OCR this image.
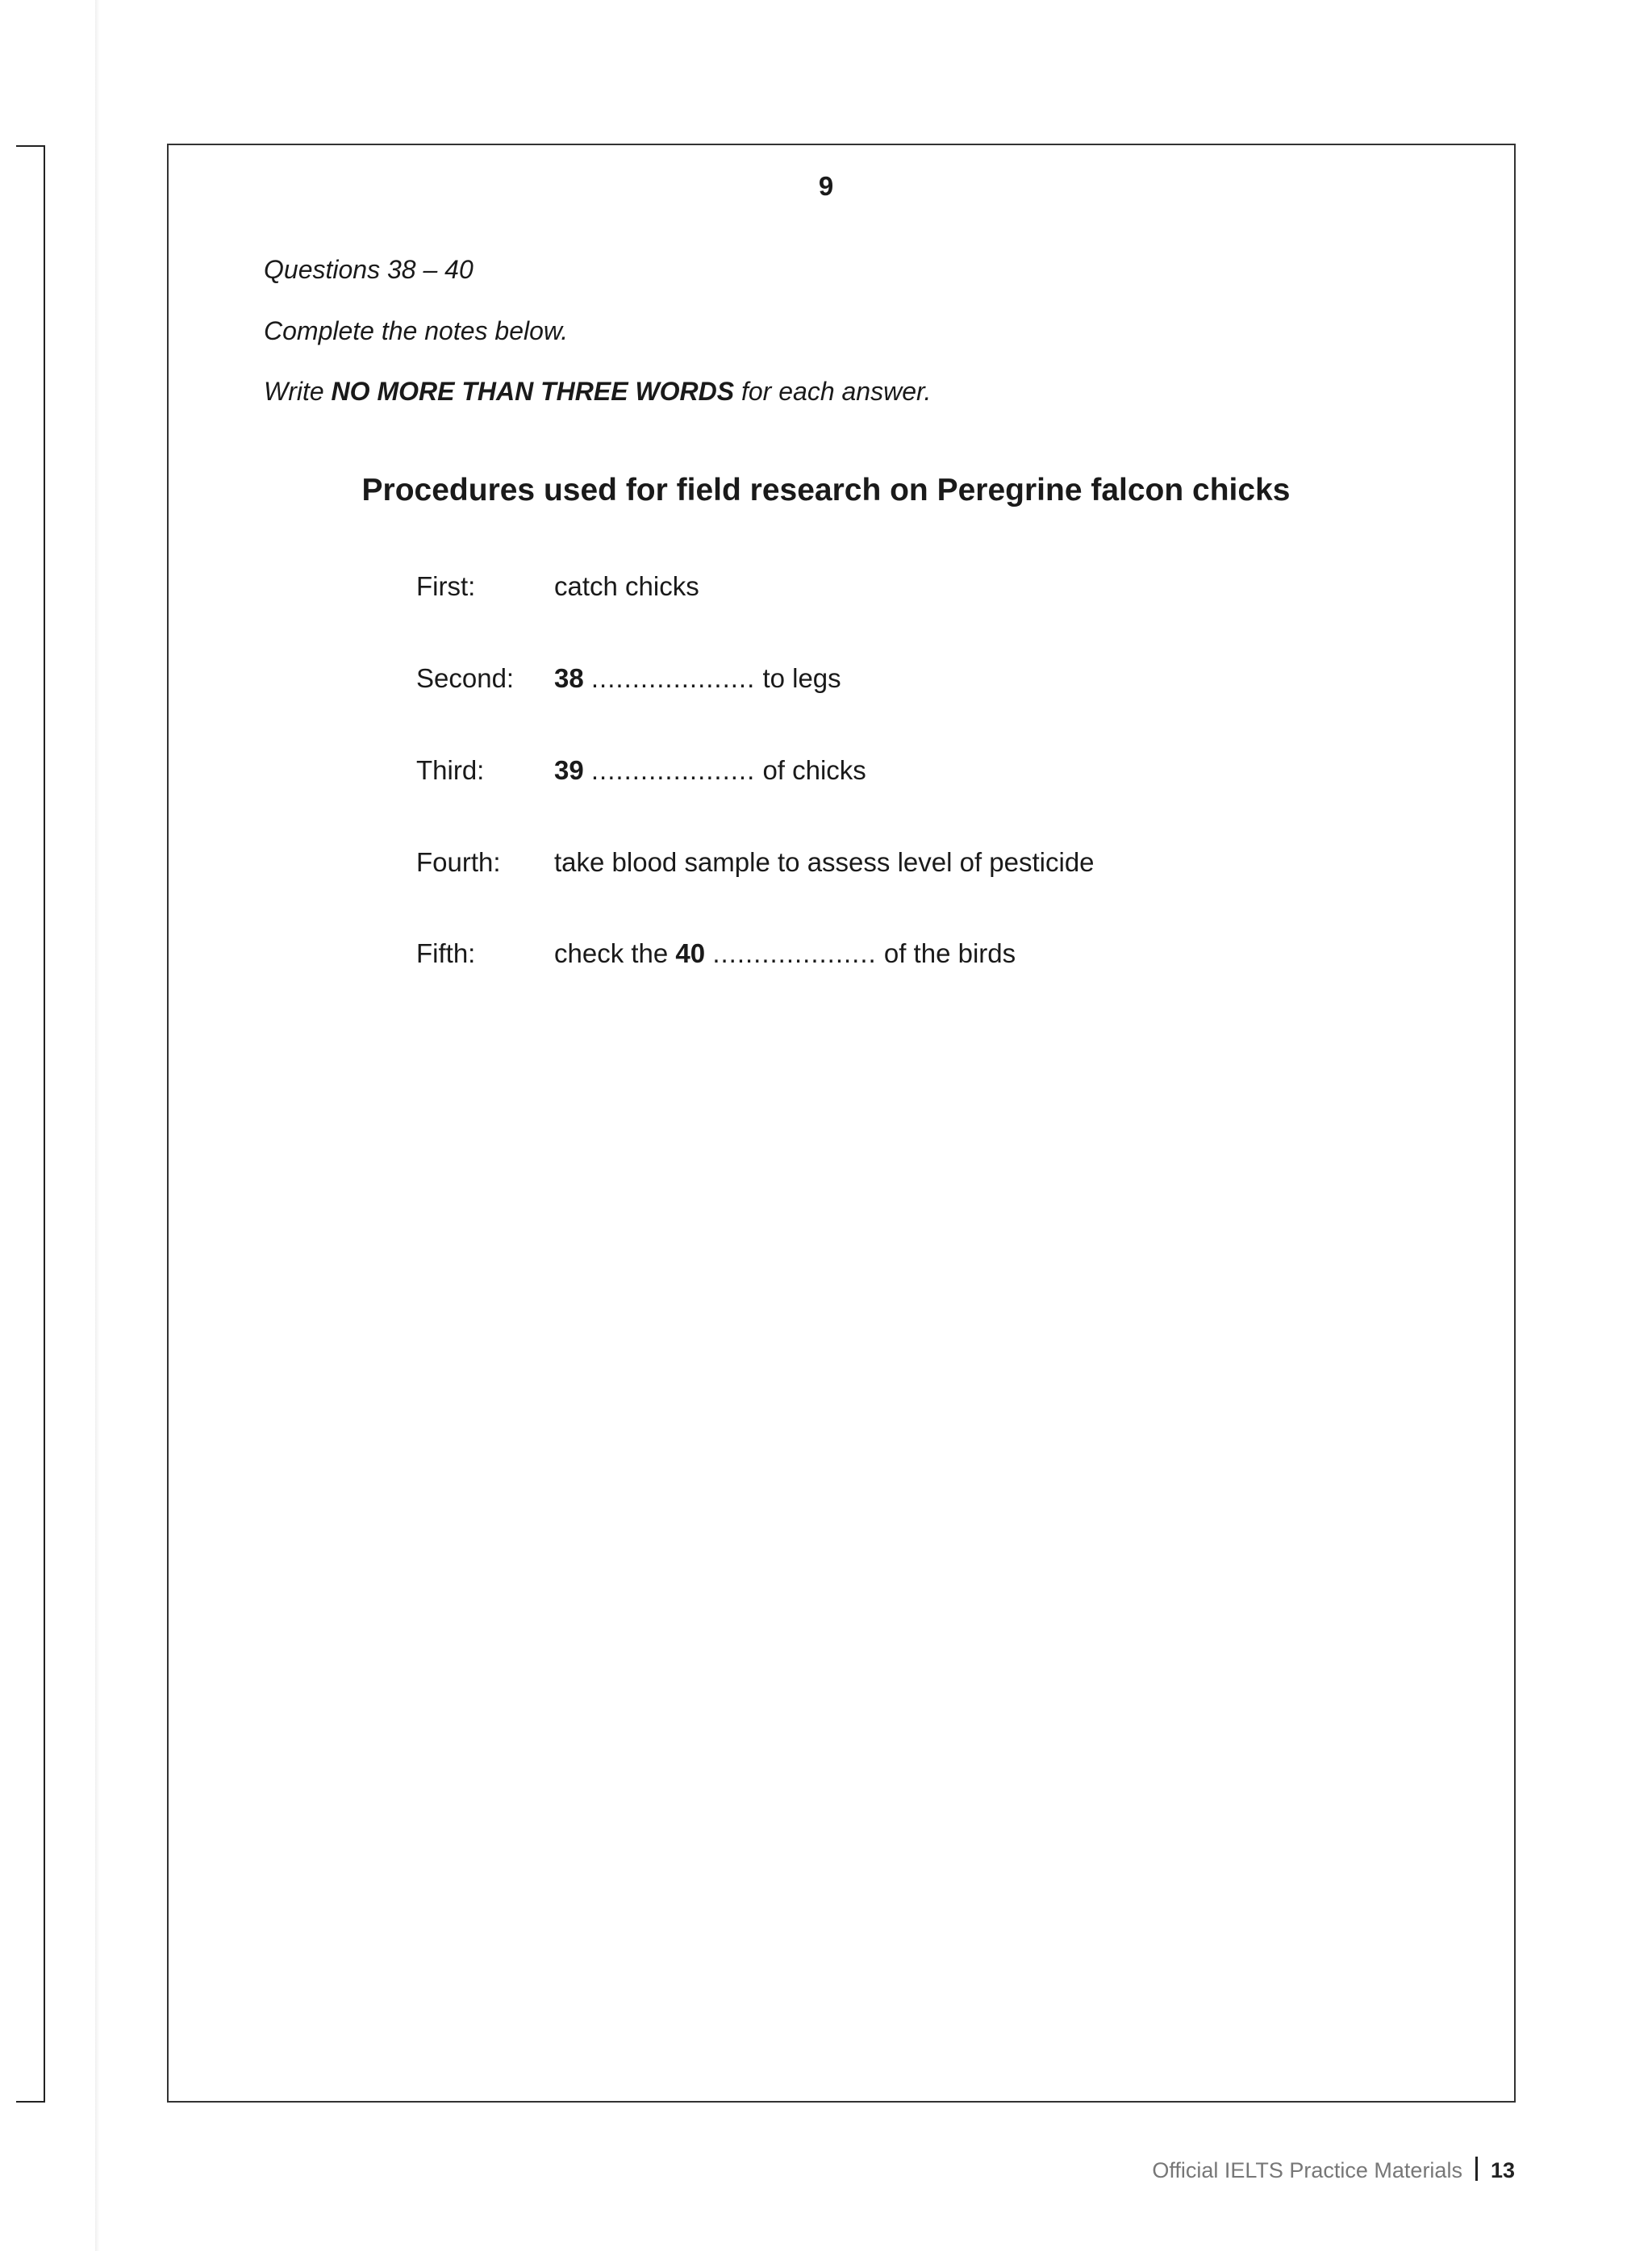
9
Questions 38 – 40
Complete the notes below.
Write NO MORE THAN THREE WORDS for each answer.
Procedures used for field research on Peregrine falcon chicks
First:	catch chicks
Second: 38 .................... to legs
Third:	39 .................... of chicks
Fourth: take blood sample to assess level of pesticide
Fifth:	check the 40 .................... of the birds
Official IELTS Practice Materials 13
